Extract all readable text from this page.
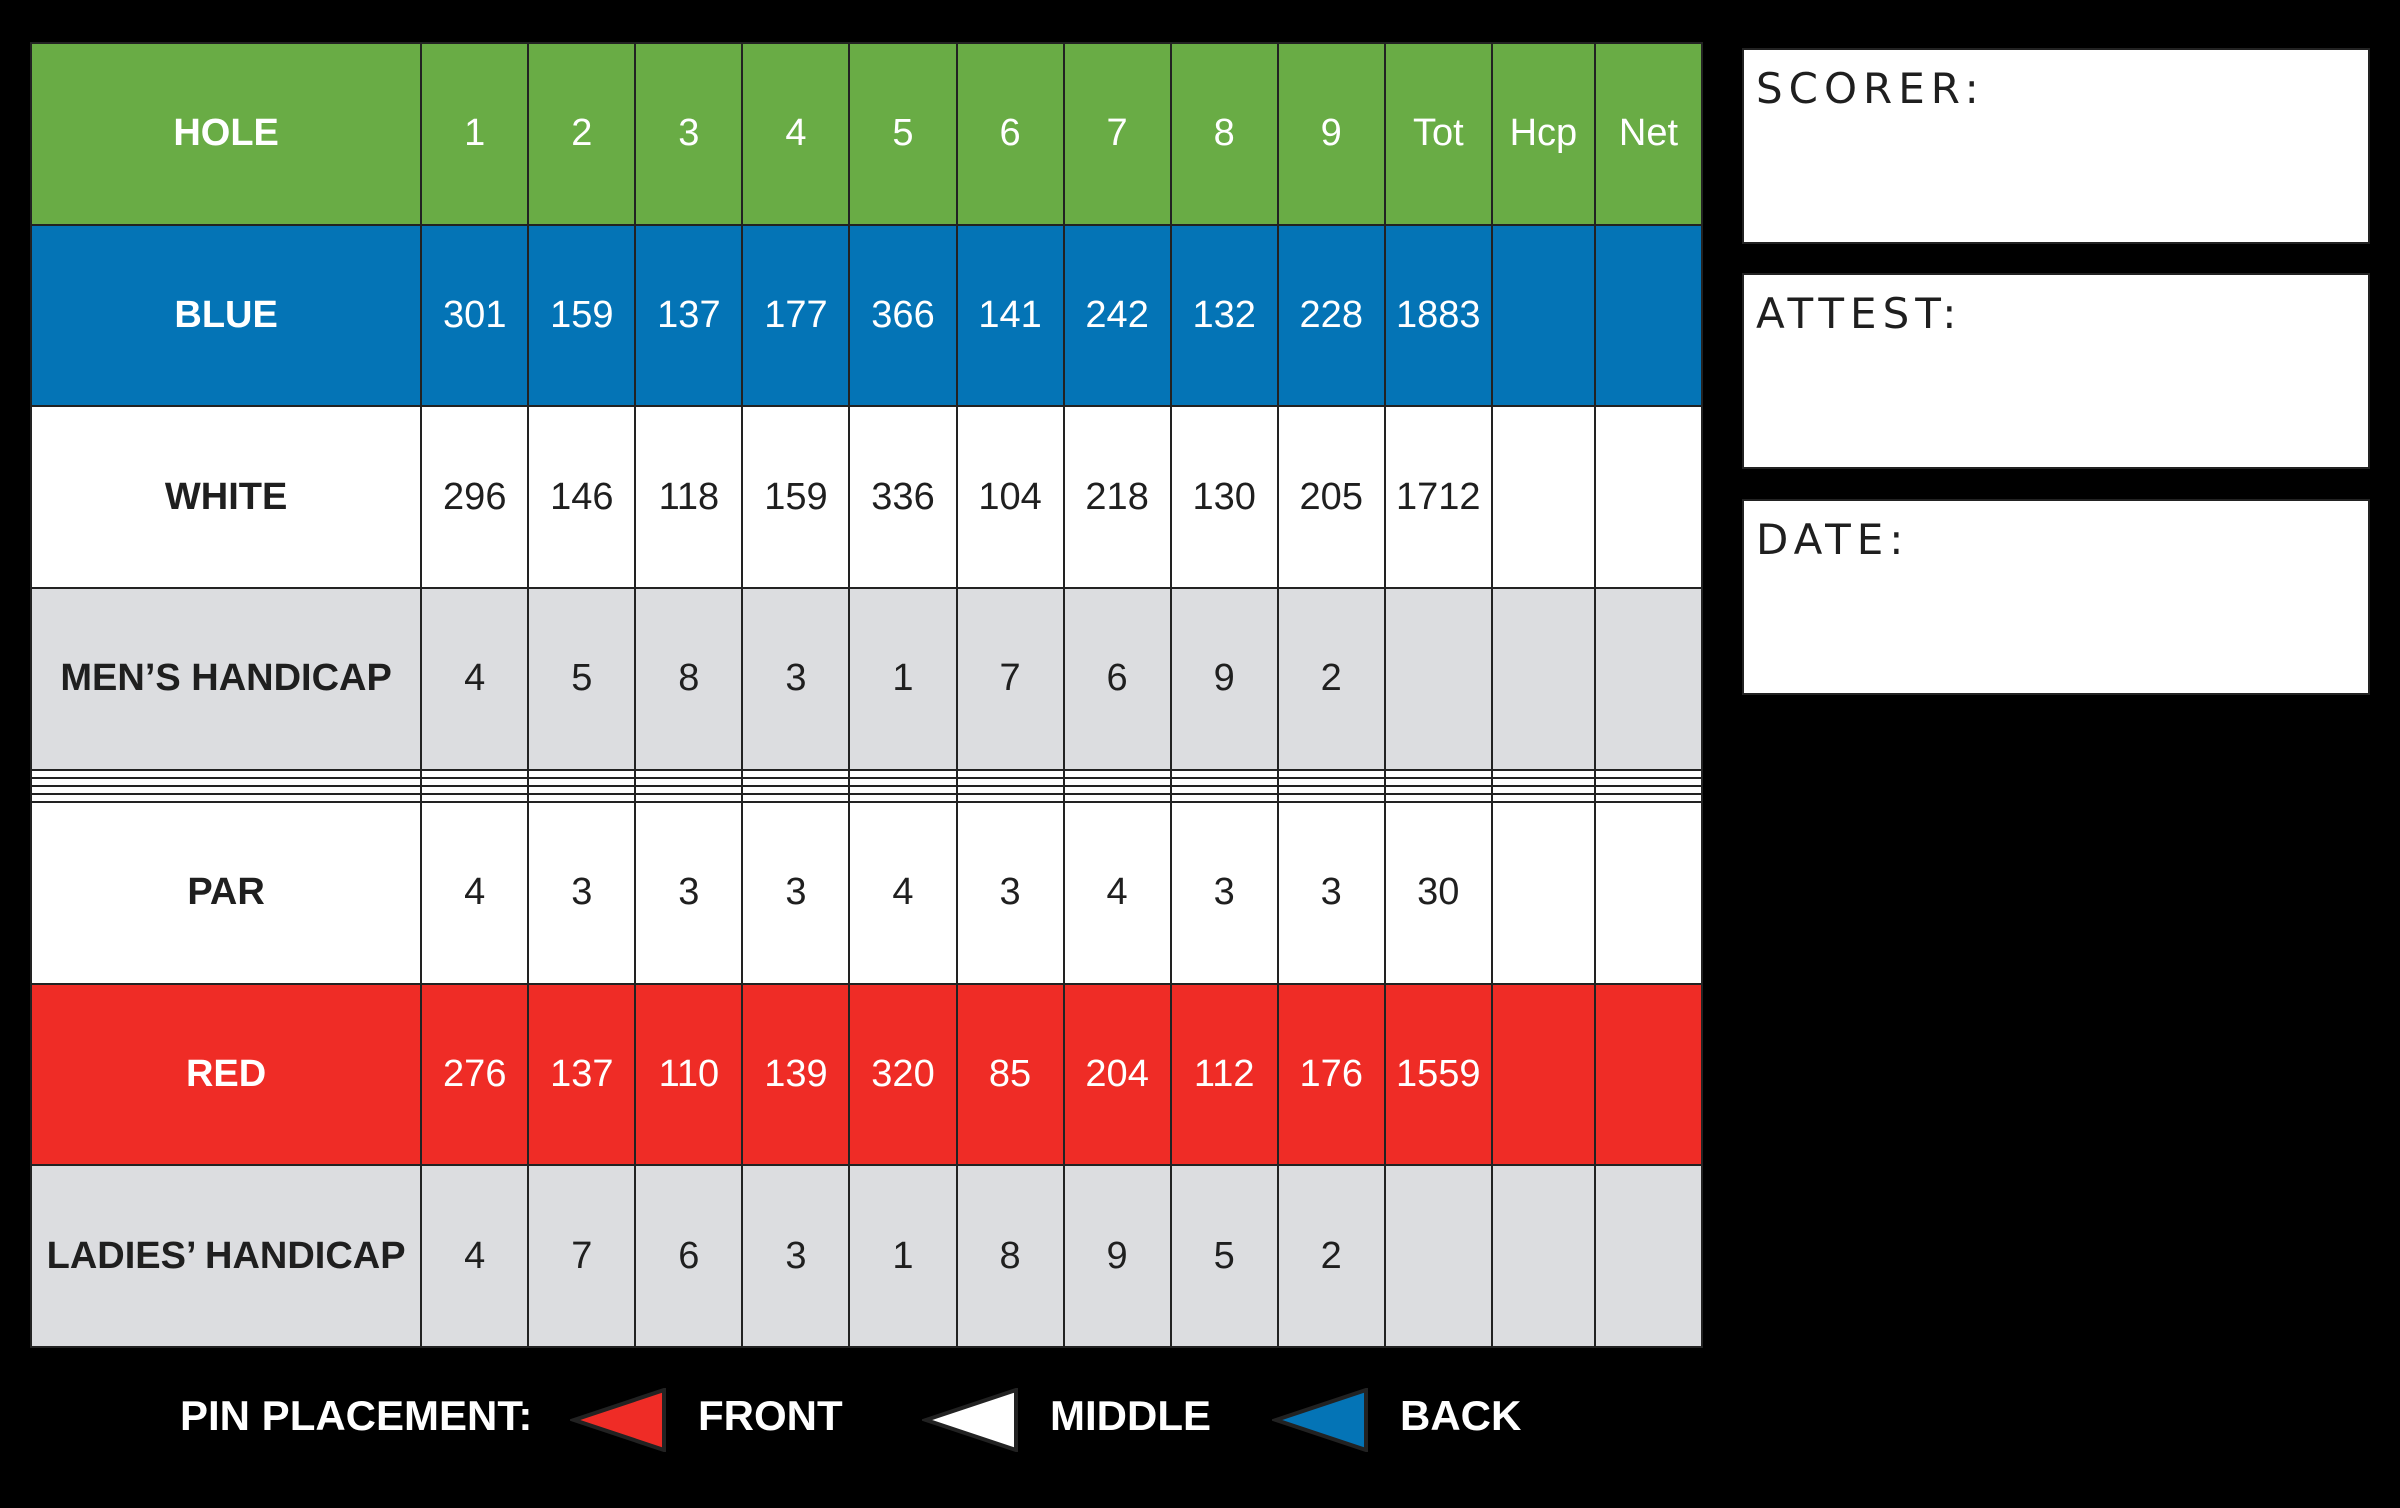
HOLE	1	2	3	4	5	6	7	8	9	Tot	Hcp	Net
BLUE	301	159	137	177	366	141	242	132	228	1883		
WHITE	296	146	118	159	336	104	218	130	205	1712		
MEN’S HANDICAP	4	5	8	3	1	7	6	9	2			

PAR	4	3	3	3	4	3	4	3	3	30		
RED	276	137	110	139	320	85	204	112	176	1559		
LADIES’ HANDICAP	4	7	6	3	1	8	9	5	2			
SCORER:
ATTEST:
DATE:
PIN PLACEMENT:	FRONT	MIDDLE	BACK
